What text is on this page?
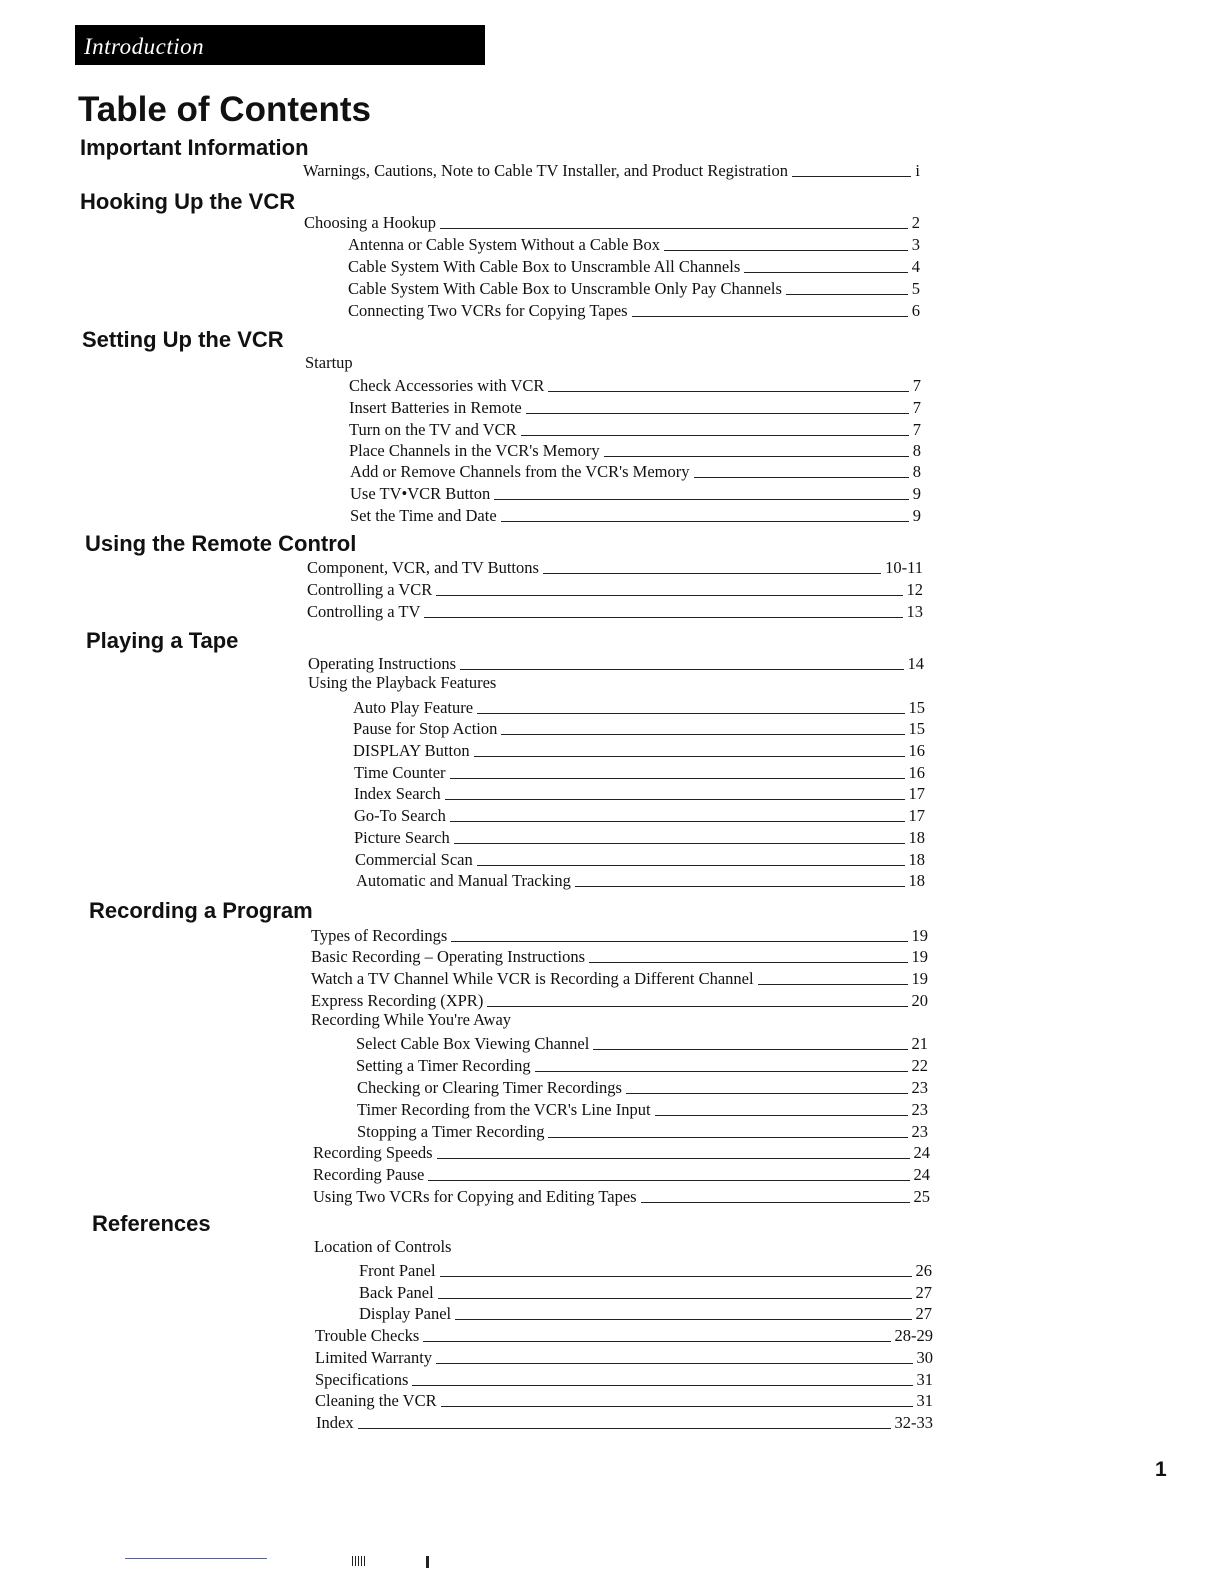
Introduction
Table of Contents
Important Information
Warnings, Cautions, Note to Cable TV Installer, and Product Registration	i
Hooking Up the VCR
Choosing a Hookup	2
Antenna or Cable System Without a Cable Box	3
Cable System With Cable Box to Unscramble All Channels	4
Cable System With Cable Box to Unscramble Only Pay Channels	5
Connecting Two VCRs for Copying Tapes	6
Setting Up the VCR
Startup
Check Accessories with VCR	7
Insert Batteries in Remote	7
Turn on the TV and VCR	7
Place Channels in the VCR's Memory	8
Add or Remove Channels from the VCR's Memory	8
Use TV•VCR Button	9
Set the Time and Date	9
Using the Remote Control
Component, VCR, and TV Buttons	10-11
Controlling a VCR	12
Controlling a TV	13
Playing a Tape
Operating Instructions	14
Using the Playback Features
Auto Play Feature	15
Pause for Stop Action	15
DISPLAY Button	16
Time Counter	16
Index Search	17
Go-To Search	17
Picture Search	18
Commercial Scan	18
Automatic and Manual Tracking	18
Recording a Program
Types of Recordings	19
Basic Recording – Operating Instructions	19
Watch a TV Channel While VCR is Recording a Different Channel	19
Express Recording (XPR)	20
Recording While You're Away
Select Cable Box Viewing Channel	21
Setting a Timer Recording	22
Checking or Clearing Timer Recordings	23
Timer Recording from the VCR's Line Input	23
Stopping a Timer Recording	23
Recording Speeds	24
Recording Pause	24
Using Two VCRs for Copying and Editing Tapes	25
References
Location of Controls
Front Panel	26
Back Panel	27
Display Panel	27
Trouble Checks	28-29
Limited Warranty	30
Specifications	31
Cleaning the VCR	31
Index	32-33
1
